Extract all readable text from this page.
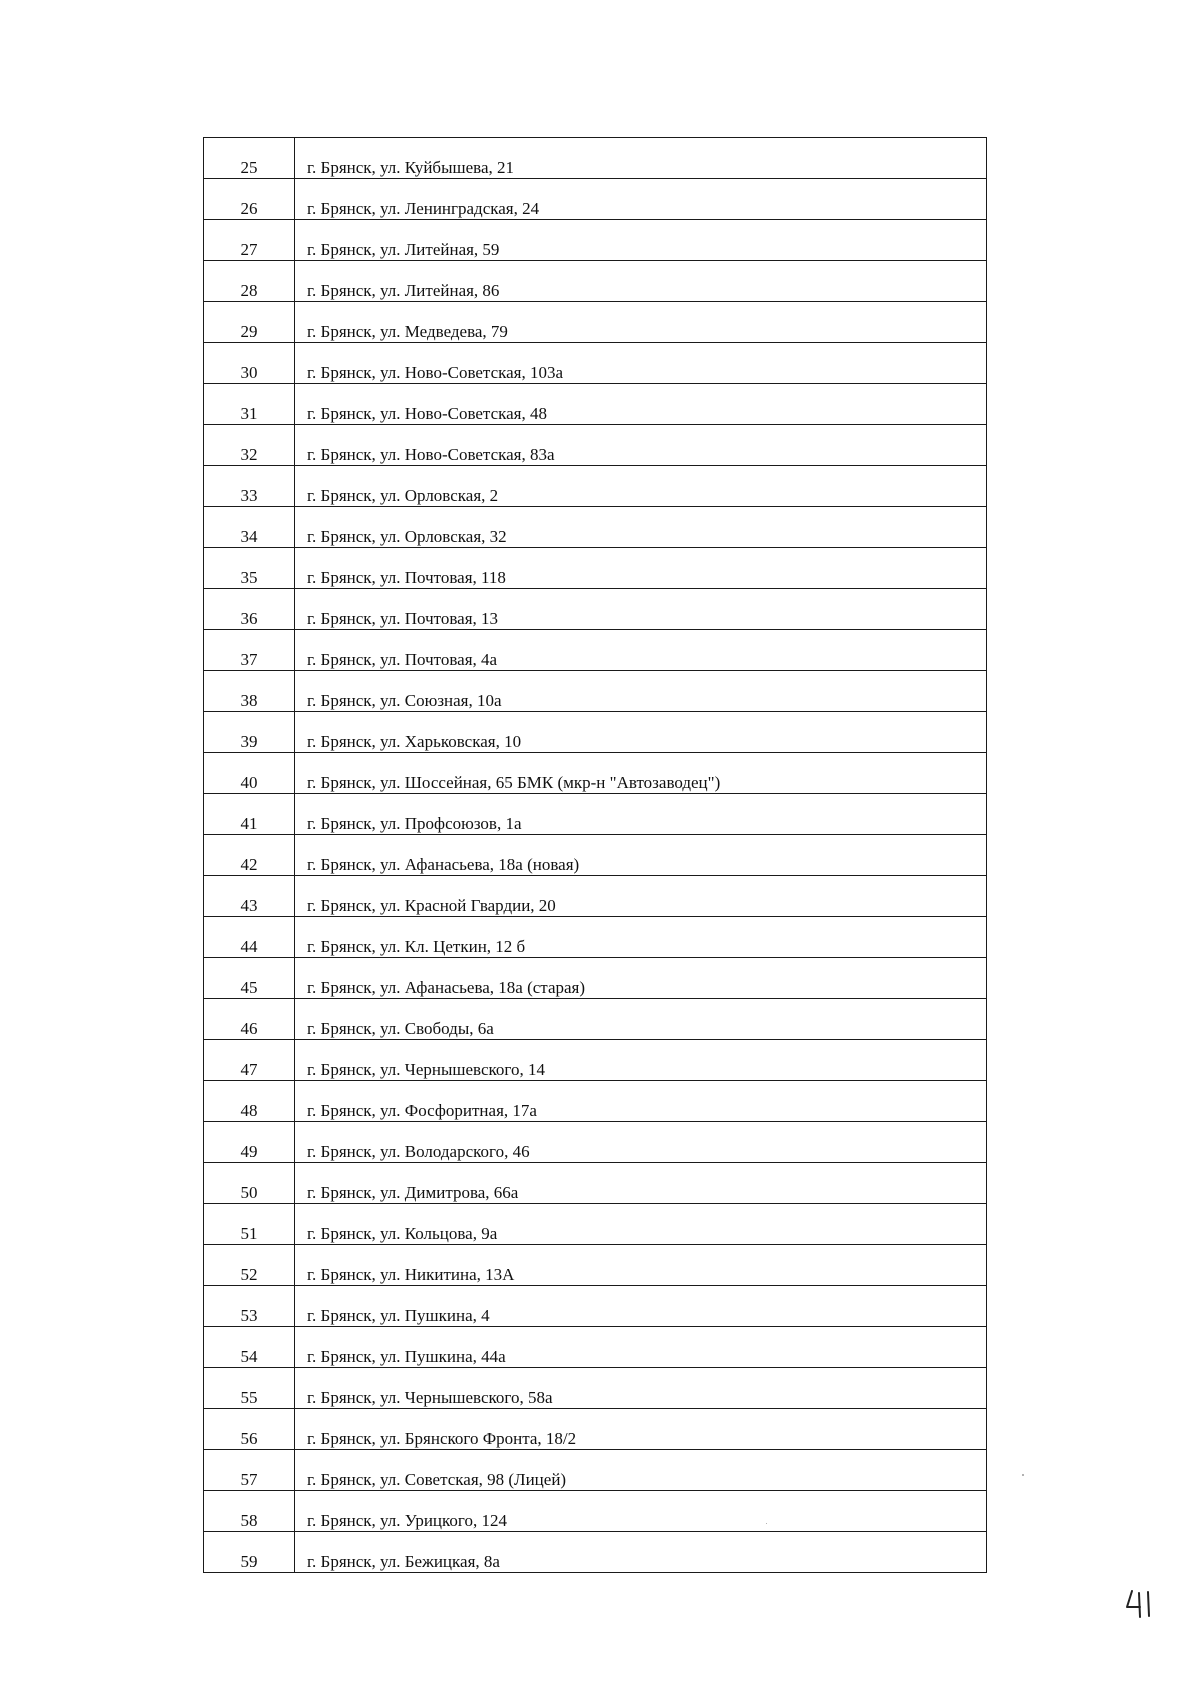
25	г. Брянск, ул. Куйбышева, 21
26	г. Брянск, ул. Ленинградская, 24
27	г. Брянск, ул. Литейная, 59
28	г. Брянск, ул. Литейная, 86
29	г. Брянск, ул. Медведева, 79
30	г. Брянск, ул. Ново-Советская, 103а
31	г. Брянск, ул. Ново-Советская, 48
32	г. Брянск, ул. Ново-Советская, 83а
33	г. Брянск, ул. Орловская, 2
34	г. Брянск, ул. Орловская, 32
35	г. Брянск, ул. Почтовая, 118
36	г. Брянск, ул. Почтовая, 13
37	г. Брянск, ул. Почтовая, 4а
38	г. Брянск, ул. Союзная, 10а
39	г. Брянск, ул. Харьковская, 10
40	г. Брянск, ул. Шоссейная, 65 БМК (мкр-н "Автозаводец")
41	г. Брянск, ул. Профсоюзов, 1а
42	г. Брянск, ул. Афанасьева, 18а (новая)
43	г. Брянск, ул. Красной Гвардии, 20
44	г. Брянск, ул. Кл. Цеткин, 12 б
45	г. Брянск, ул. Афанасьева, 18а (старая)
46	г. Брянск, ул. Свободы, 6а
47	г. Брянск, ул. Чернышевского, 14
48	г. Брянск, ул. Фосфоритная, 17а
49	г. Брянск, ул. Володарского, 46
50	г. Брянск, ул. Димитрова, 66а
51	г. Брянск, ул. Кольцова, 9а
52	г. Брянск, ул. Никитина, 13А
53	г. Брянск, ул. Пушкина, 4
54	г. Брянск, ул. Пушкина, 44а
55	г. Брянск, ул. Чернышевского, 58а
56	г. Брянск, ул. Брянского Фронта, 18/2
57	г. Брянск, ул. Советская, 98 (Лицей)
58	г. Брянск, ул. Урицкого, 124
59	г. Брянск, ул. Бежицкая, 8а
